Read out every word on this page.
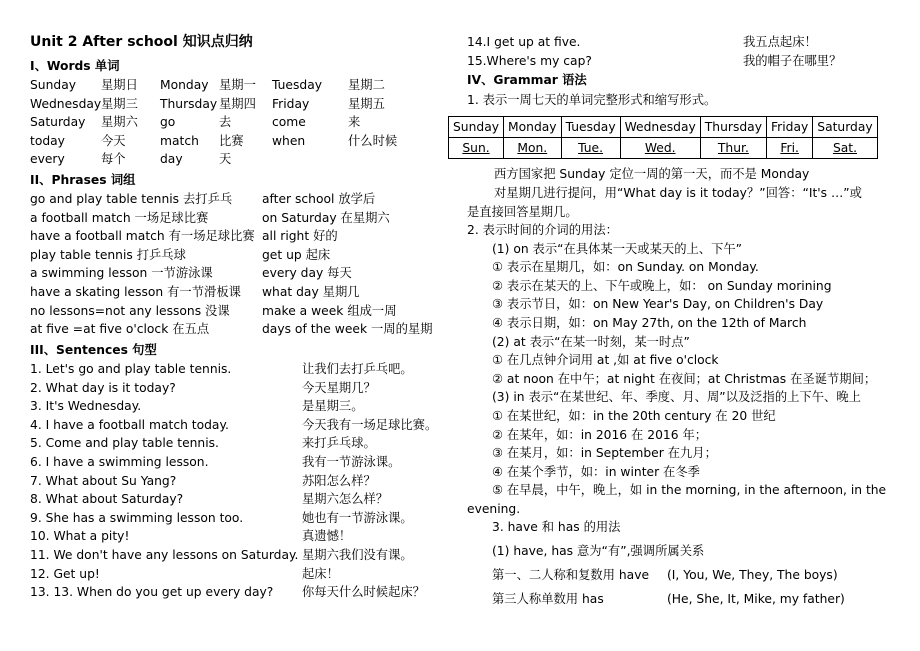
Unit 2 After school 知识点归纳
I、Words 单词
Sunday 星期日 Monday 星期一 Tuesday 星期二
Wednesday 星期三 Thursday 星期四 Friday	星期五
Saturday 星期六 go	去	come	来
today	今天	match 比赛 when	什么时候
every	每个	day	天
II、Phrases 词组
go and play table tennis 去打乒乓 after school 放学后
a football match 一场足球比赛	on Saturday 在星期六
have a football match 有一场足球比赛 all right 好的
play table tennis 打乒乓球	get up 起床
a swimming lesson 一节游泳课	every day 每天
have a skating lesson 有一节滑板课 what day 星期几
no lessons=not any lessons 没课	make a week 组成一周
at five =at five o'clock 在五点	days of the week 一周的星期
III、Sentences 句型
1. Let's go and play table tennis.	让我们去打乒乓吧。
2. What day is it today?	今天星期几？
3. It's Wednesday.	是星期三。
4. I have a football match today.	今天我有一场足球比赛。
5. Come and play table tennis.	来打乒乓球。
6. I have a swimming lesson.	我有一节游泳课。
7. What about Su Yang?	苏阳怎么样？
8. What about Saturday?	星期六怎么样？
9. She has a swimming lesson too.	她也有一节游泳课。
10. What a pity!	真遗憾！
11. We don't have any lessons on Saturday. 星期六我们没有课。
12. Get up!	起床！
13. 13. When do you get up every day? 你每天什么时候起床？
14.I get up at five.	我五点起床！
15.Where's my cap?	我的帽子在哪里？
IV、Grammar 语法
1. 表示一周七天的单词完整形式和缩写形式。
Sunday	Monday	Tuesday	Wednesday	Thursday	Friday	Saturday
Sun.	Mon.	Tue.	Wed.	Thur.	Fri.	Sat.
西方国家把 Sunday 定位一周的第一天，而不是 Monday
对星期几进行提问，用“What day is it today？”回答：“It's …”或
是直接回答星期几。
2. 表示时间的介词的用法：
(1) on 表示“在具体某一天或某天的上、下午”
① 表示在星期几，如：on Sunday. on Monday.
② 表示在某天的上、下午或晚上，如： on Sunday morining
③ 表示节日，如：on New Year's Day, on Children's Day
④ 表示日期，如：on May 27th, on the 12th of March
(2) at 表示“在某一时刻，某一时点”
① 在几点钟介词用 at ,如 at five o'clock
② at noon 在中午；at night 在夜间；at Christmas 在圣诞节期间；
(3) in 表示“在某世纪、年、季度、月、周”以及泛指的上下午、晚上
① 在某世纪，如：in the 20th century 在 20 世纪
② 在某年，如：in 2016 在 2016 年；
③ 在某月，如：in September 在九月；
④ 在某个季节，如：in winter 在冬季
⑤ 在早晨，中午，晚上，如 in the morning, in the afternoon, in the
evening.
3. have 和 has 的用法
(1) have, has 意为“有”,强调所属关系
第一、二人称和复数用 have (I, You, We, They, The boys)
第三人称单数用 has	(He, She, It, Mike, my father)
